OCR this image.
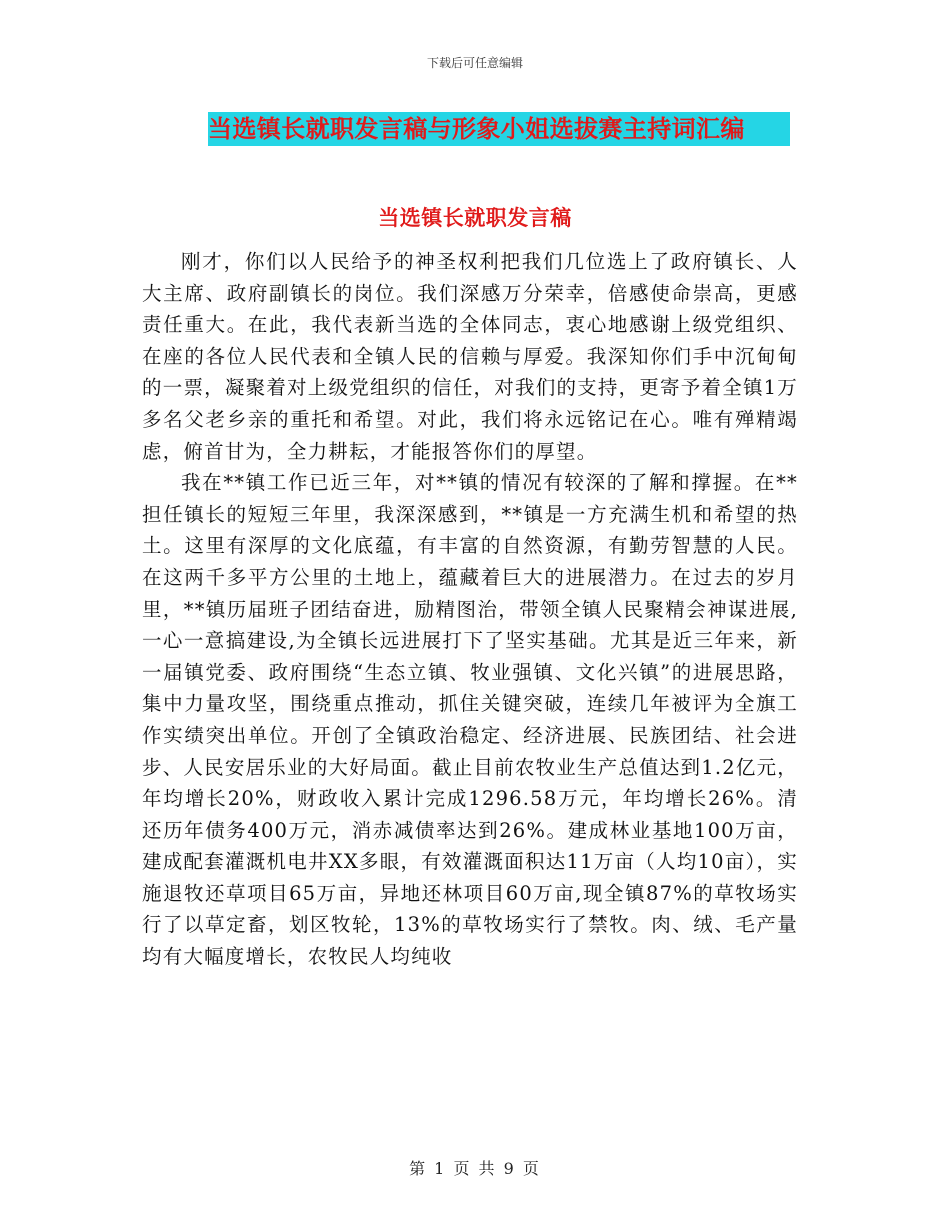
下载后可任意编辑
当选镇长就职发言稿与形象小姐选拔赛主持词汇编
当选镇长就职发言稿

刚才，你们以人民给予的神圣权利把我们几位选上了政府镇长、人大主席、政府副镇长的岗位。我们深感万分荣幸，倍感使命崇高，更感责任重大。在此，我代表新当选的全体同志，衷心地感谢上级党组织、在座的各位人民代表和全镇人民的信赖与厚爱。我深知你们手中沉甸甸的一票，凝聚着对上级党组织的信任，对我们的支持，更寄予着全镇1万多名父老乡亲的重托和希望。对此，我们将永远铭记在心。唯有殚精竭虑，俯首甘为，全力耕耘，才能报答你们的厚望。

我在**镇工作已近三年，对**镇的情况有较深的了解和撑握。在**担任镇长的短短三年里，我深深感到，**镇是一方充满生机和希望的热土。这里有深厚的文化底蕴，有丰富的自然资源，有勤劳智慧的人民。在这两千多平方公里的土地上，蕴藏着巨大的进展潜力。在过去的岁月里，**镇历届班子团结奋进，励精图治，带领全镇人民聚精会神谋进展,一心一意搞建设,为全镇长远进展打下了坚实基础。尤其是近三年来，新一届镇党委、政府围绕“生态立镇、牧业强镇、文化兴镇”的进展思路，集中力量攻坚，围绕重点推动，抓住关键突破，连续几年被评为全旗工作实绩突出单位。开创了全镇政治稳定、经济进展、民族团结、社会进步、人民安居乐业的大好局面。截止目前农牧业生产总值达到1.2亿元，年均增长20%，财政收入累计完成1296.58万元，年均增长26%。清还历年债务400万元，消赤减债率达到26%。建成林业基地100万亩，建成配套灌溉机电井XX多眼，有效灌溉面积达11万亩（人均10亩），实施退牧还草项目65万亩，异地还林项目60万亩,现全镇87%的草牧场实行了以草定畜，划区牧轮，13%的草牧场实行了禁牧。肉、绒、毛产量均有大幅度增长，农牧民人均纯收

第 1 页 共 9 页
